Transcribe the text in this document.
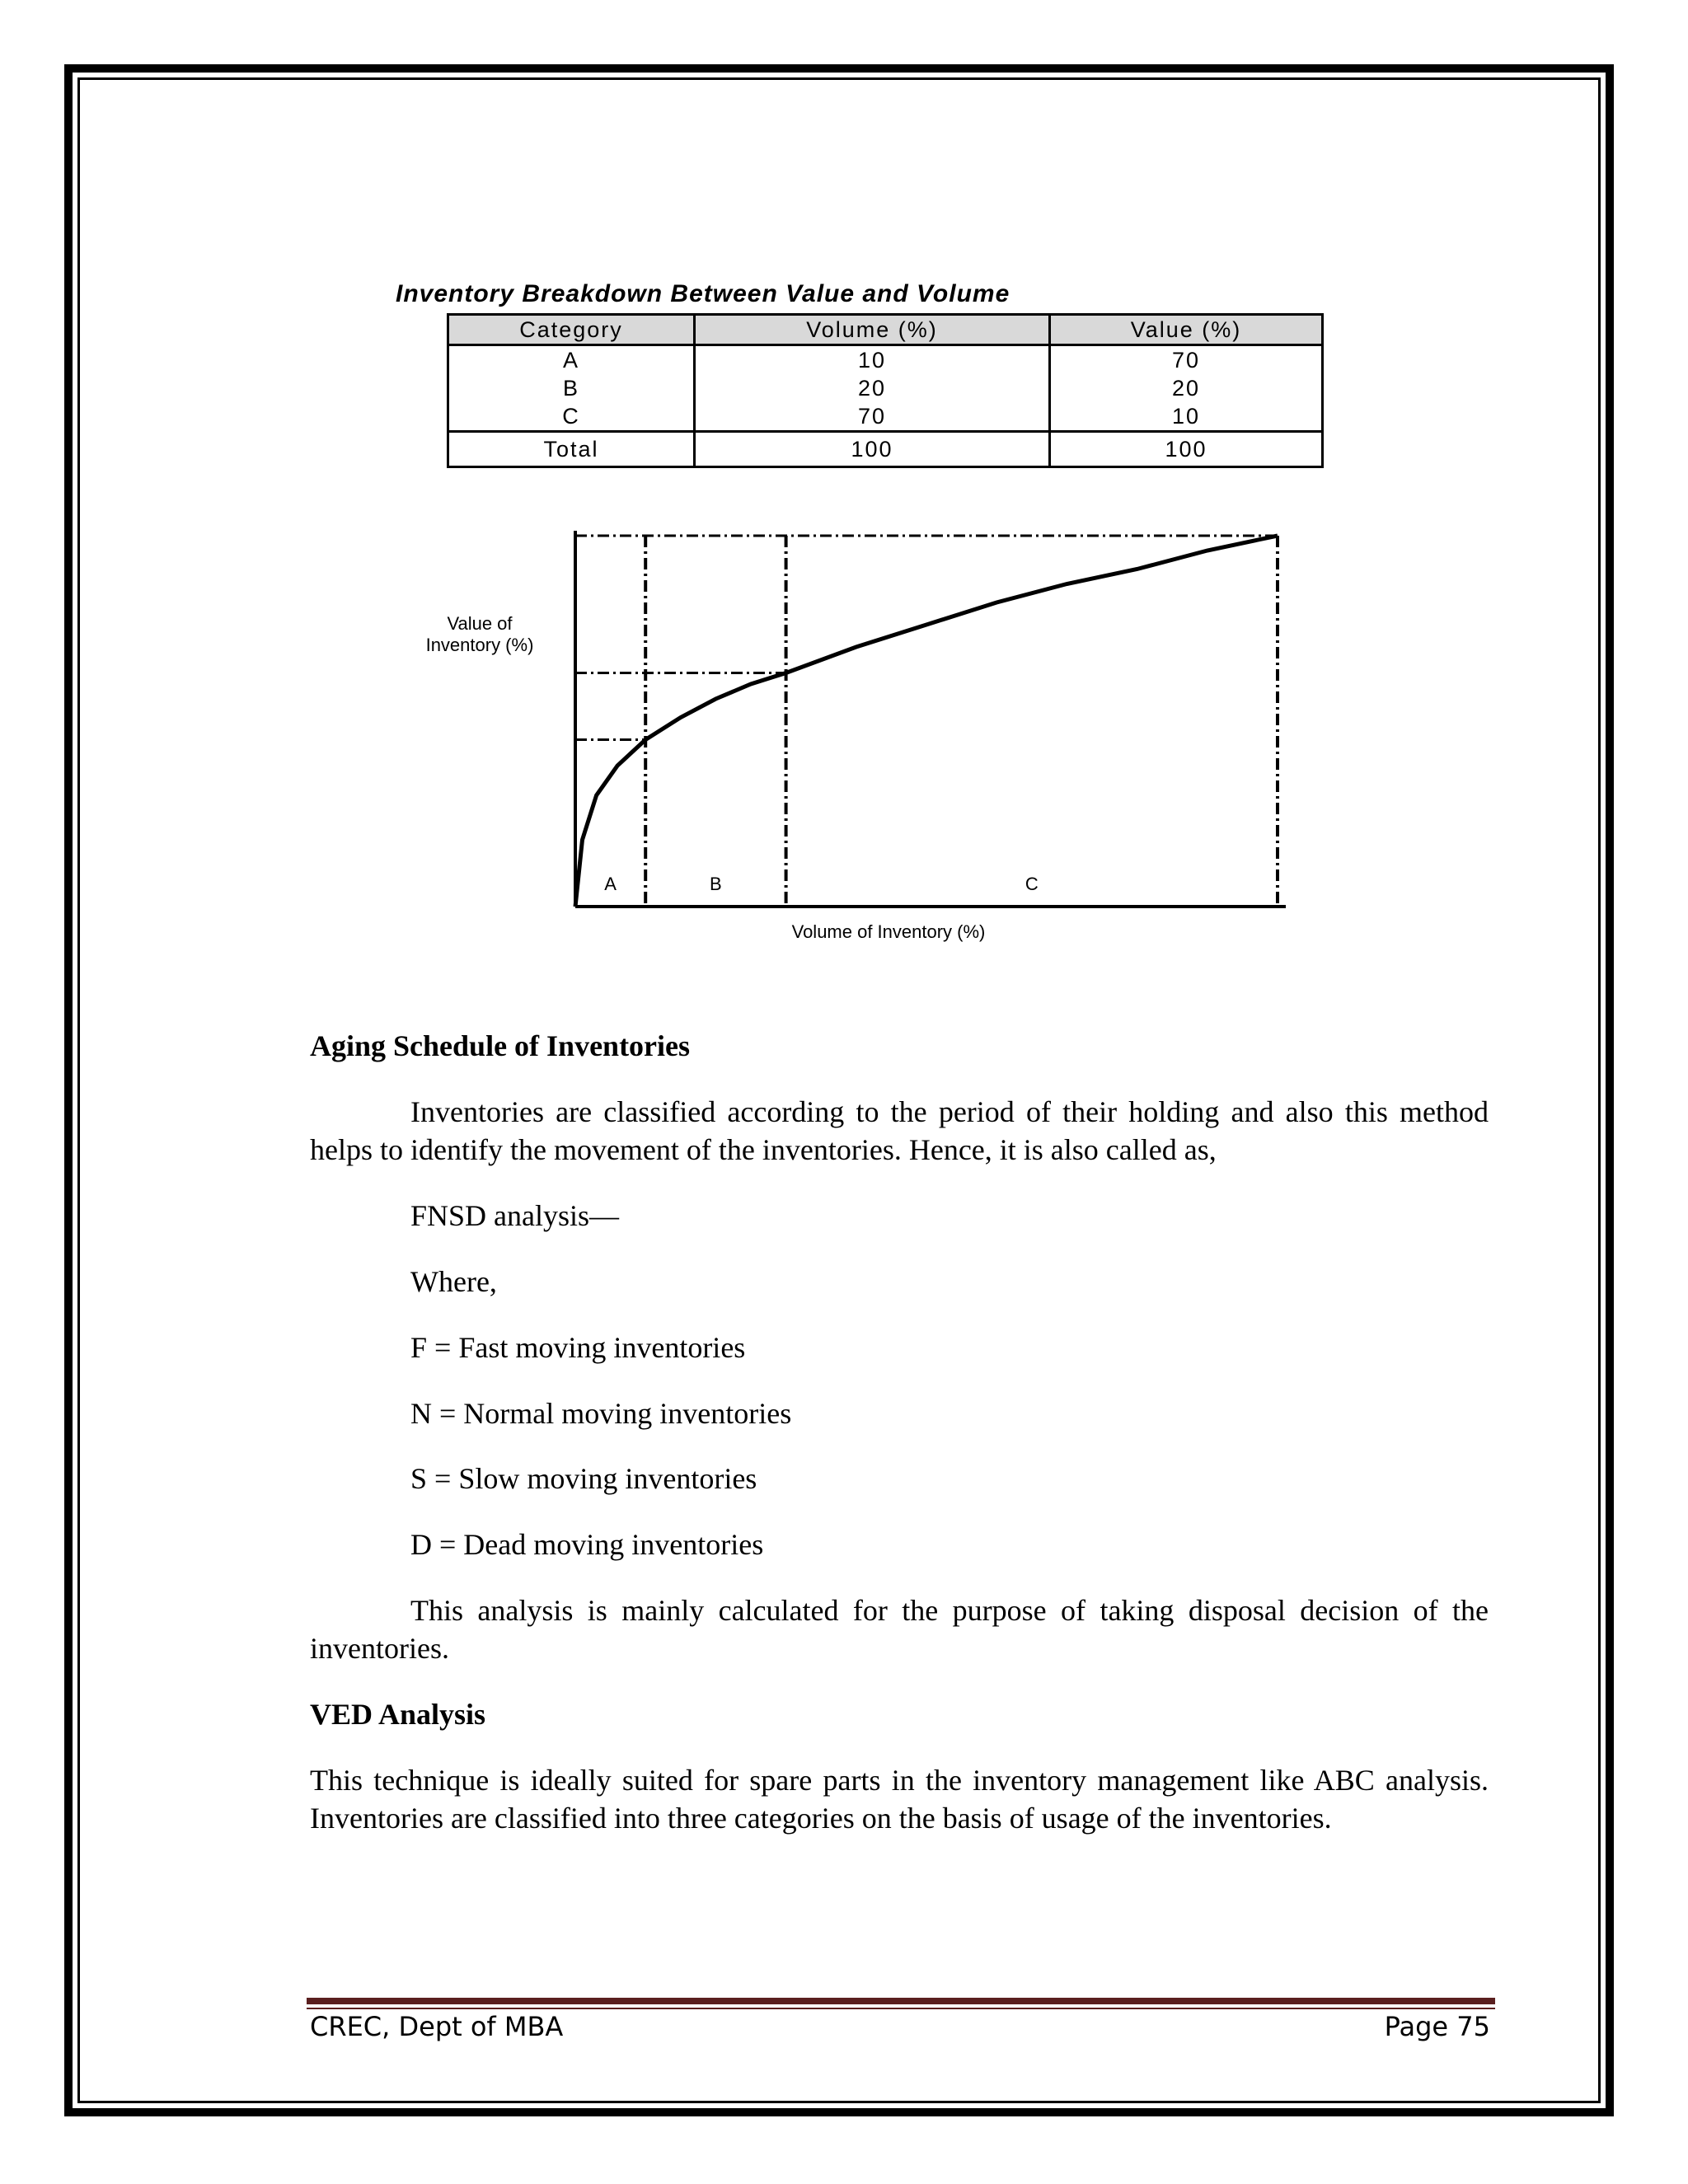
Inventory Breakdown Between Value and Volume
Category	Volume (%)	Value (%)
A	10	70
B	20	20
C	70	10
Total	100	100
A	B	C
Value of
Inventory (%)
Volume of Inventory (%)
Aging Schedule of Inventories
Inventories are classified according to the period of their holding and also this method helps to identify the movement of the inventories. Hence, it is also called as,
FNSD analysis—
Where,
F = Fast moving inventories
N = Normal moving inventories
S = Slow moving inventories
D = Dead moving inventories
This analysis is mainly calculated for the purpose of taking disposal decision of the inventories.
VED Analysis
This technique is ideally suited for spare parts in the inventory management like ABC analysis. Inventories are classified into three categories on the basis of usage of the inventories.
CREC, Dept of MBA	Page 75
